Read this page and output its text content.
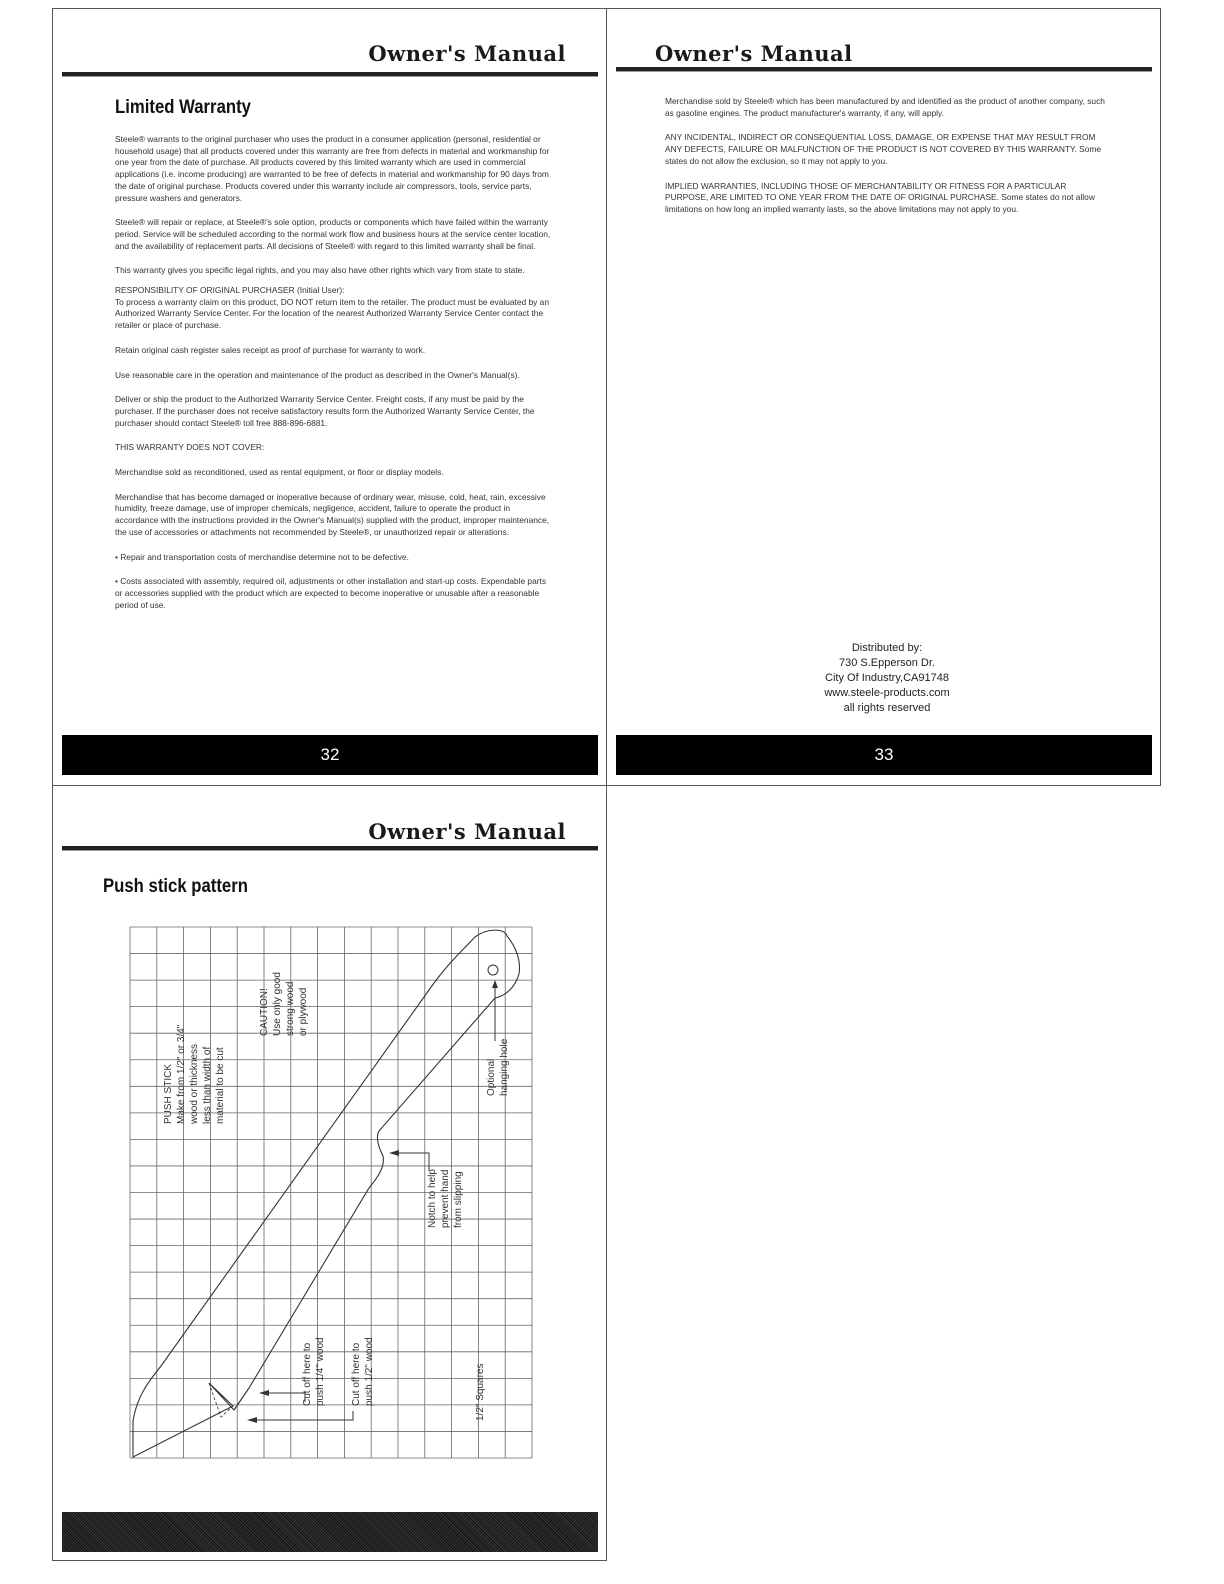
Owner's Manual
Limited Warranty

Steele® warrants to the original purchaser who uses the product in a consumer application (personal, residential or household usage) that all products covered under this warranty are free from defects in material and workmanship for one year from the date of purchase. All products covered by this limited warranty which are used in commercial applications (i.e. income producing) are warranted to be free of defects in material and workmanship for 90 days from the date of original purchase. Products covered under this warranty include air compressors, tools, service parts, pressure washers and generators.

Steele® will repair or replace, at Steele®'s sole option, products or components which have failed within the warranty period. Service will be scheduled according to the normal work flow and business hours at the service center location, and the availability of replacement parts. All decisions of Steele® with regard to this limited warranty shall be final.

This warranty gives you specific legal rights, and you may also have other rights which vary from state to state.

RESPONSIBILITY OF ORIGINAL PURCHASER (Initial User):

To process a warranty claim on this product, DO NOT return item to the retailer. The product must be evaluated by an Authorized Warranty Service Center. For the location of the nearest Authorized Warranty Service Center contact the retailer or place of purchase.

Retain original cash register sales receipt as proof of purchase for warranty to work.

Use reasonable care in the operation and maintenance of the product as described in the Owner's Manual(s).

Deliver or ship the product to the Authorized Warranty Service Center. Freight costs, if any must be paid by the purchaser. If the purchaser does not receive satisfactory results form the Authorized Warranty Service Center, the purchaser should contact Steele® toll free 888-896-6881.

THIS WARRANTY DOES NOT COVER:

Merchandise sold as reconditioned, used as rental equipment, or floor or display models.

Merchandise that has become damaged or inoperative because of ordinary wear, misuse, cold, heat, rain, excessive humidity, freeze damage, use of improper chemicals, negligence, accident, failure to operate the product in accordance with the instructions provided in the Owner's Manual(s) supplied with the product, improper maintenance, the use of accessories or attachments not recommended by Steele®, or unauthorized repair or alterations.

• Repair and transportation costs of merchandise determine not to be defective.

• Costs associated with assembly, required oil, adjustments or other installation and start-up costs. Expendable parts or accessories supplied with the product which are expected to become inoperative or unusable after a reasonable period of use.

32
Owner's Manual

Merchandise sold by Steele® which has been manufactured by and identified as the product of another company, such as gasoline engines. The product manufacturer's warranty, if any, will apply.

ANY INCIDENTAL, INDIRECT OR CONSEQUENTIAL LOSS, DAMAGE, OR EXPENSE THAT MAY RESULT FROM ANY DEFECTS, FAILURE OR MALFUNCTION OF THE PRODUCT IS NOT COVERED BY THIS WARRANTY. Some states do not allow the exclusion, so it may not apply to you.

IMPLIED WARRANTIES, INCLUDING THOSE OF MERCHANTABILITY OR FITNESS FOR A PARTICULAR PURPOSE, ARE LIMITED TO ONE YEAR FROM THE DATE OF ORIGINAL PURCHASE. Some states do not allow limitations on how long an implied warranty lasts, so the above limitations may not apply to you.

Distributed by:
730 S.Epperson Dr.
City Of Industry,CA91748
www.steele-products.com
all rights reserved
33
Owner's Manual
Push stick pattern
PUSH STICK Make from 1/2" or 3/4" wood or thickness less than width of material to be cut
CAUTION! Use only good strong wood or plywood
Optional hanging hole
Notch to help prevent hand from slipping
Cut off here to push 1/4" wood	Cut off here to push 1/2" wood	1/2" Squares
